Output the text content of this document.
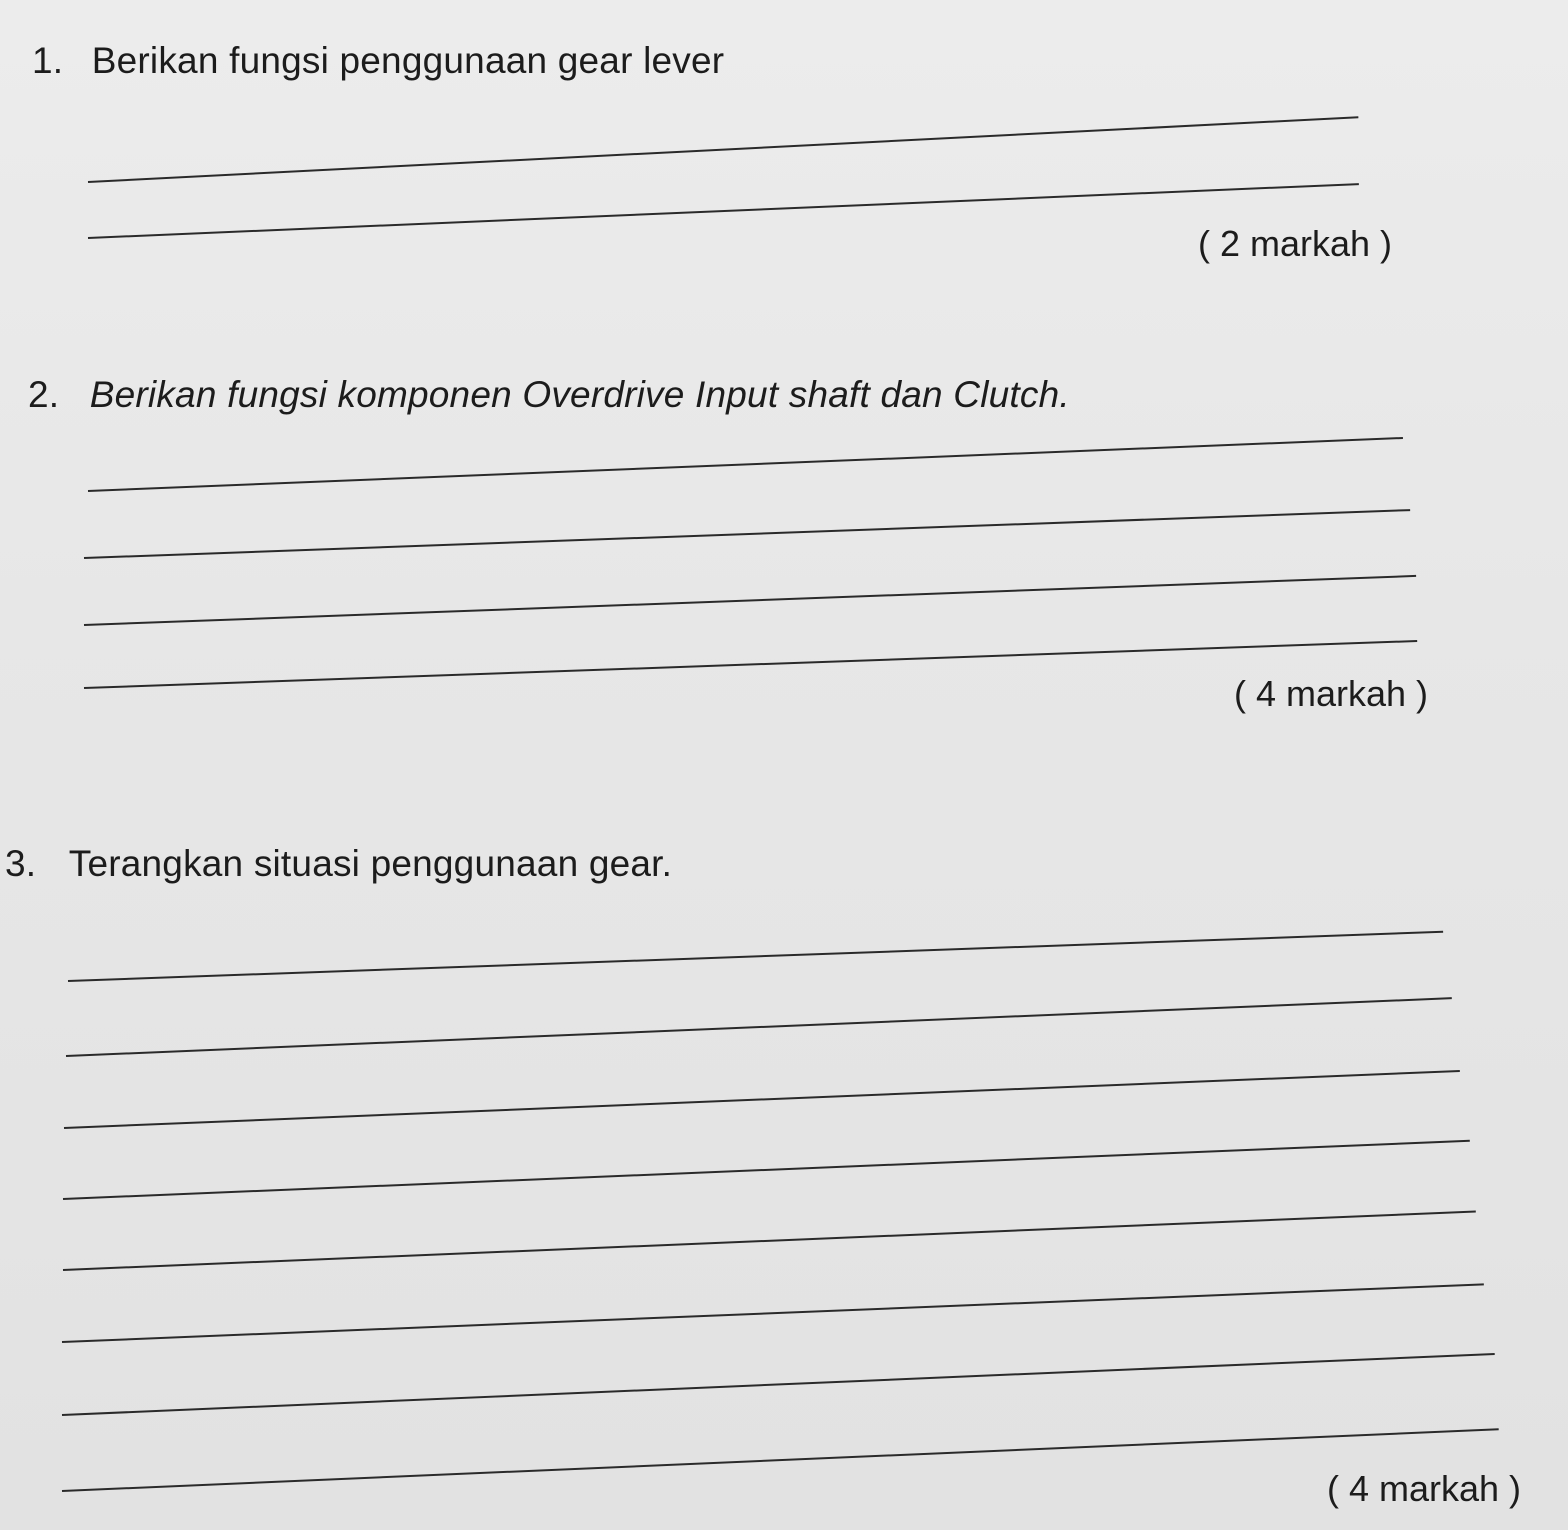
1. Berikan fungsi penggunaan gear lever
( 2 markah )
2. Berikan fungsi komponen Overdrive Input shaft dan Clutch.
( 4 markah )
3. Terangkan situasi penggunaan gear.
( 4 markah )
